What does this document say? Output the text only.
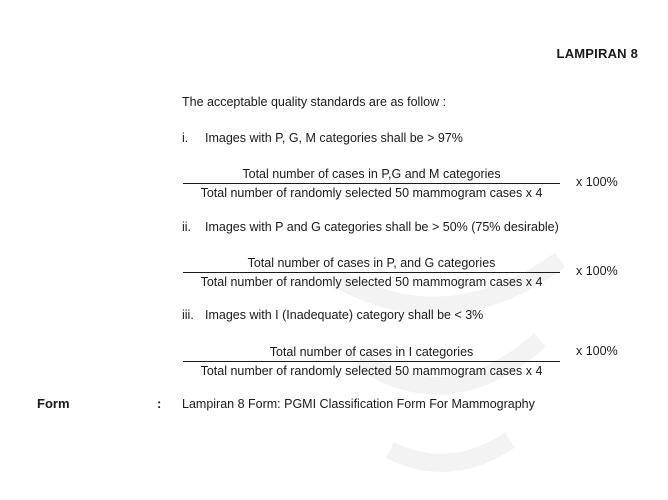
LAMPIRAN 8
The acceptable quality standards are as follow :
i. Images with P, G, M categories shall be > 97%
Total number of cases in P,G and M categories
Total number of randomly selected 50 mammogram cases x 4
x 100%
ii. Images with P and G categories shall be > 50% (75% desirable)
Total number of cases in P, and G categories
Total number of randomly selected 50 mammogram cases x 4
x 100%
iii. Images with I (Inadequate) category shall be < 3%
Total number of cases in I categories
Total number of randomly selected 50 mammogram cases x 4
x 100%
Form	: Lampiran 8 Form: PGMI Classification Form For Mammography
